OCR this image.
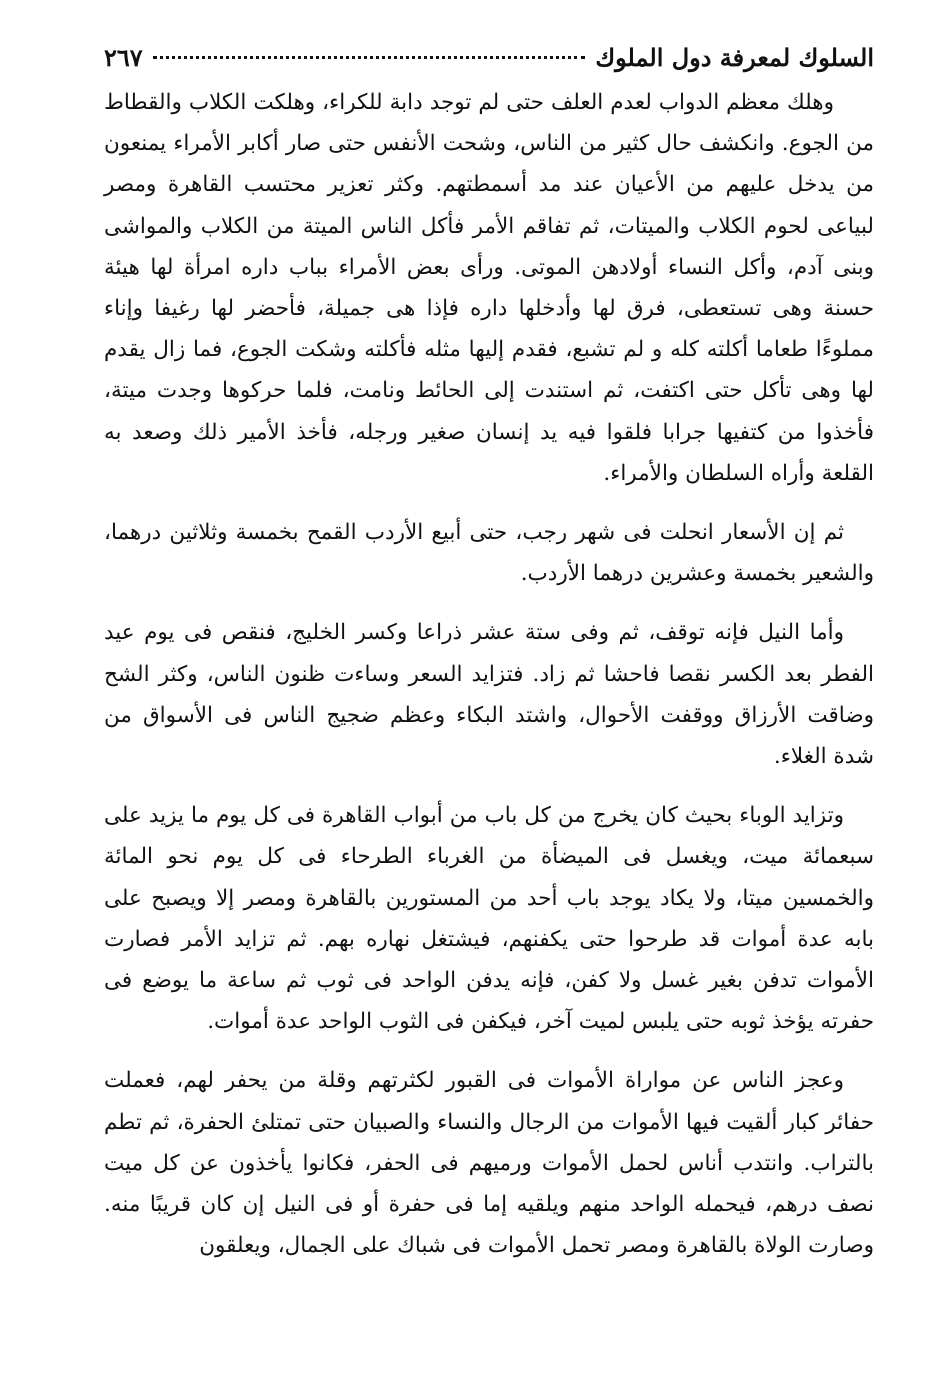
السلوك لمعرفة دول الملوك
٢٦٧

وهلك معظم الدواب لعدم العلف حتى لم توجد دابة للكراء، وهلكت الكلاب والقطاط من الجوع. وانكشف حال كثير من الناس، وشحت الأنفس حتى صار أكابر الأمراء يمنعون من يدخل عليهم من الأعيان عند مد أسمطتهم. وكثر تعزير محتسب القاهرة ومصر لبياعى لحوم الكلاب والميتات، ثم تفاقم الأمر فأكل الناس الميتة من الكلاب والمواشى وبنى آدم، وأكل النساء أولادهن الموتى. ورأى بعض الأمراء بباب داره امرأة لها هيئة حسنة وهى تستعطى، فرق لها وأدخلها داره فإذا هى جميلة، فأحضر لها رغيفا وإناء مملوءًا طعاما أكلته كله و لم تشبع، فقدم إليها مثله فأكلته وشكت الجوع، فما زال يقدم لها وهى تأكل حتى اكتفت، ثم استندت إلى الحائط ونامت، فلما حركوها وجدت ميتة، فأخذوا من كتفيها جرابا فلقوا فيه يد إنسان صغير ورجله، فأخذ الأمير ذلك وصعد به القلعة وأراه السلطان والأمراء.

ثم إن الأسعار انحلت فى شهر رجب، حتى أبيع الأردب القمح بخمسة وثلاثين درهما، والشعير بخمسة وعشرين درهما الأردب.

وأما النيل فإنه توقف، ثم وفى ستة عشر ذراعا وكسر الخليج، فنقص فى يوم عيد الفطر بعد الكسر نقصا فاحشا ثم زاد. فتزايد السعر وساءت ظنون الناس، وكثر الشح وضاقت الأرزاق ووقفت الأحوال، واشتد البكاء وعظم ضجيج الناس فى الأسواق من شدة الغلاء.

وتزايد الوباء بحيث كان يخرج من كل باب من أبواب القاهرة فى كل يوم ما يزيد على سبعمائة ميت، ويغسل فى الميضأة من الغرباء الطرحاء فى كل يوم نحو المائة والخمسين ميتا، ولا يكاد يوجد باب أحد من المستورين بالقاهرة ومصر إلا ويصبح على بابه عدة أموات قد طرحوا حتى يكفنهم، فيشتغل نهاره بهم. ثم تزايد الأمر فصارت الأموات تدفن بغير غسل ولا كفن، فإنه يدفن الواحد فى ثوب ثم ساعة ما يوضع فى حفرته يؤخذ ثوبه حتى يلبس لميت آخر، فيكفن فى الثوب الواحد عدة أموات.

وعجز الناس عن مواراة الأموات فى القبور لكثرتهم وقلة من يحفر لهم، فعملت حفائر كبار ألقيت فيها الأموات من الرجال والنساء والصبيان حتى تمتلئ الحفرة، ثم تطم بالتراب. وانتدب أناس لحمل الأموات ورميهم فى الحفر، فكانوا يأخذون عن كل ميت نصف درهم، فيحمله الواحد منهم ويلقيه إما فى حفرة أو فى النيل إن كان قريبًا منه. وصارت الولاة بالقاهرة ومصر تحمل الأموات فى شباك على الجمال، ويعلقون
